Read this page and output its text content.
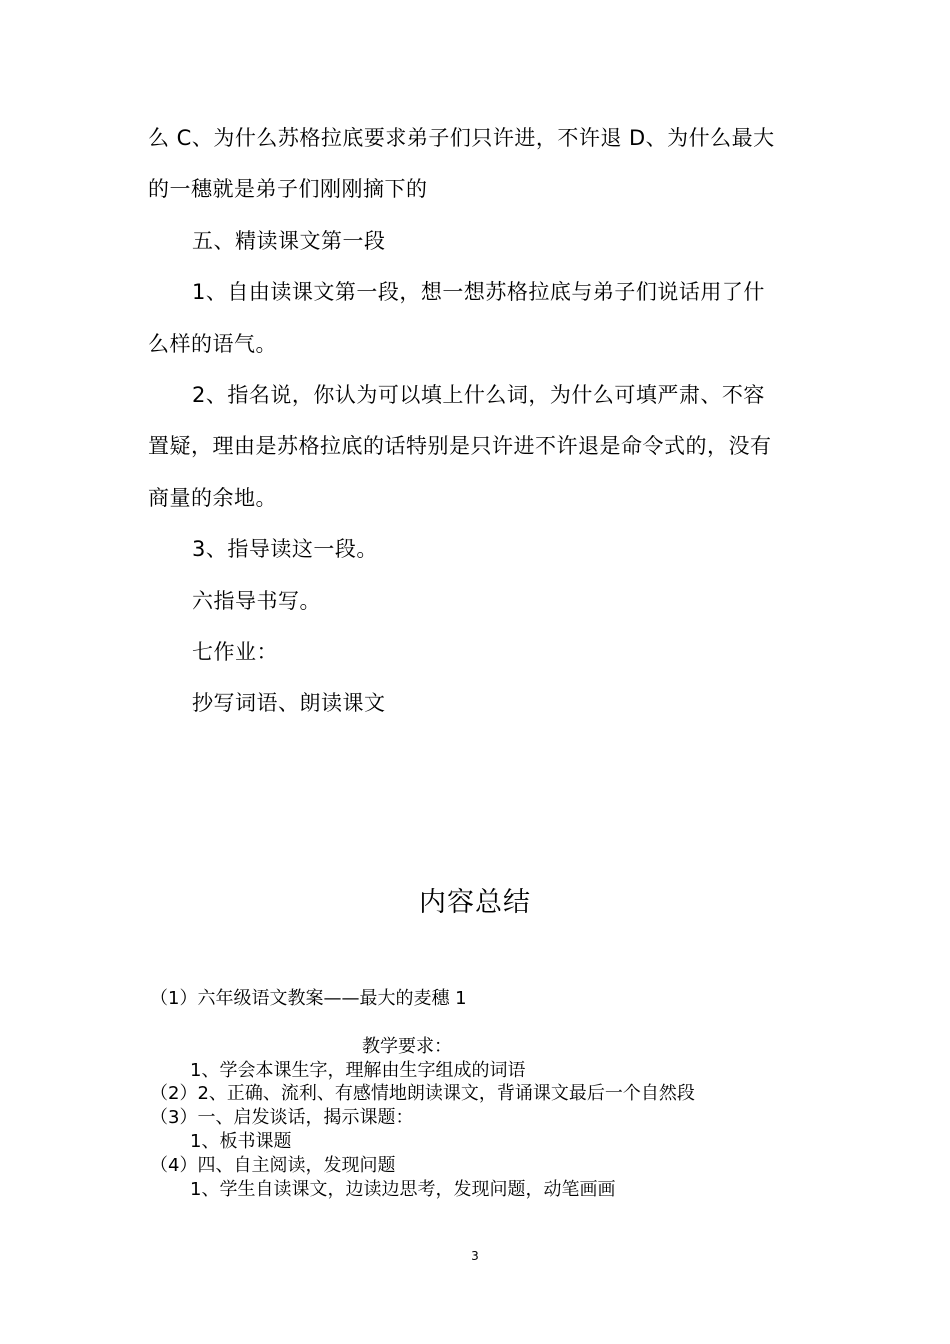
么 C、为什么苏格拉底要求弟子们只许进，不许退 D、为什么最大
的一穗就是弟子们刚刚摘下的
五、精读课文第一段
1、自由读课文第一段，想一想苏格拉底与弟子们说话用了什
么样的语气。
2、指名说，你认为可以填上什么词，为什么可填严肃、不容
置疑，理由是苏格拉底的话特别是只许进不许退是命令式的，没有
商量的余地。
3、指导读这一段。
六指导书写。
七作业：
抄写词语、朗读课文
内容总结
（1）六年级语文教案——最大的麦穗 1
教学要求：
1、学会本课生字，理解由生字组成的词语
（2）2、正确、流利、有感情地朗读课文，背诵课文最后一个自然段
（3）一、启发谈话，揭示课题：
1、板书课题
（4）四、自主阅读，发现问题
1、学生自读课文，边读边思考，发现问题，动笔画画
3
